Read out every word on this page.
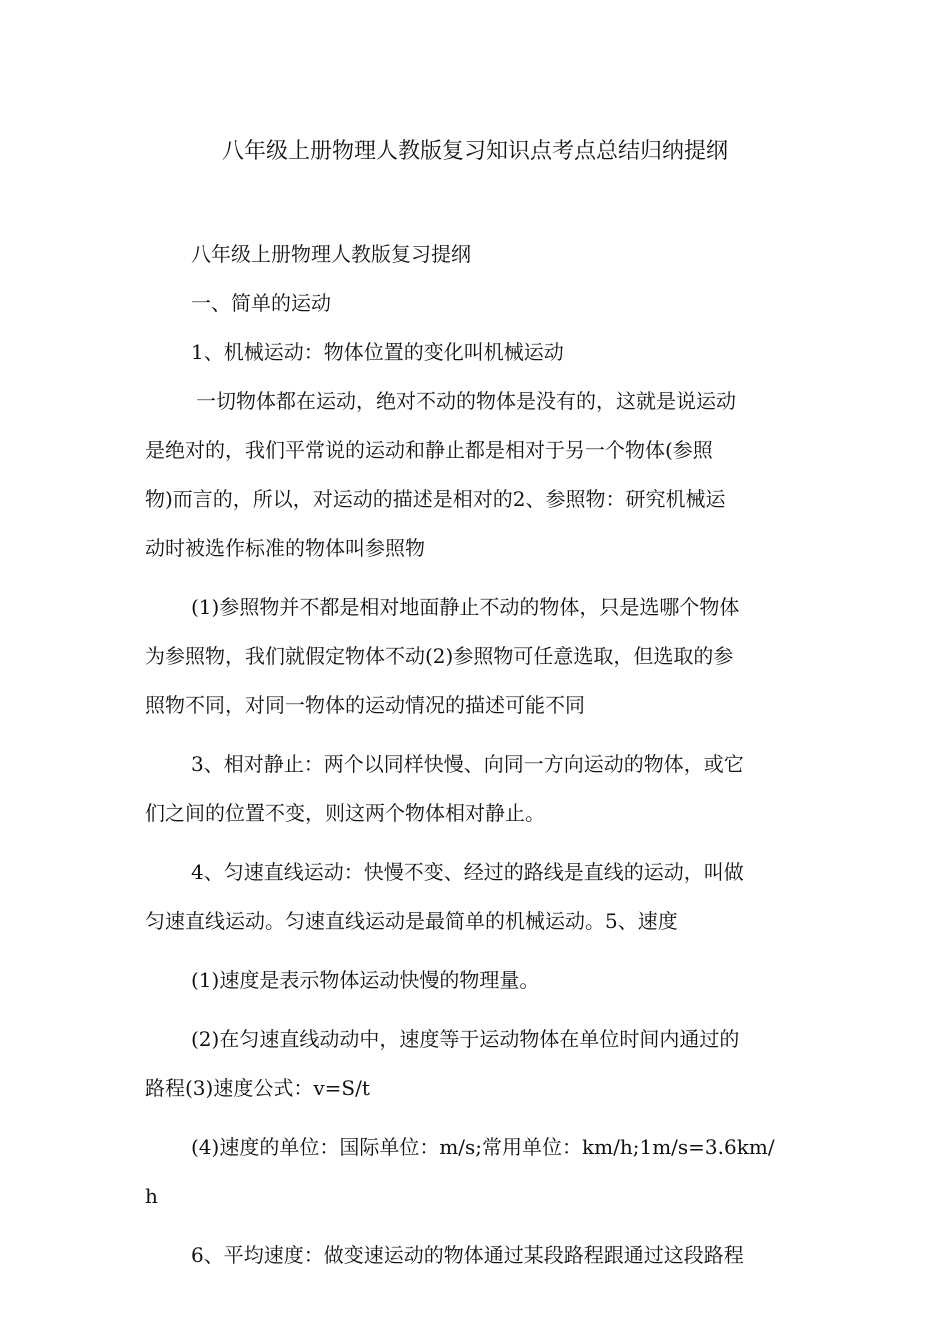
八年级上册物理人教版复习知识点考点总结归纳提纲
八年级上册物理人教版复习提纲
一、简单的运动
1、机械运动：物体位置的变化叫机械运动
一切物体都在运动，绝对不动的物体是没有的，这就是说运动
是绝对的，我们平常说的运动和静止都是相对于另一个物体(参照
物)而言的，所以，对运动的描述是相对的2、参照物：研究机械运
动时被选作标准的物体叫参照物
(1)参照物并不都是相对地面静止不动的物体，只是选哪个物体
为参照物，我们就假定物体不动(2)参照物可任意选取，但选取的参
照物不同，对同一物体的运动情况的描述可能不同
3、相对静止：两个以同样快慢、向同一方向运动的物体，或它
们之间的位置不变，则这两个物体相对静止。
4、匀速直线运动：快慢不变、经过的路线是直线的运动，叫做
匀速直线运动。匀速直线运动是最简单的机械运动。5、速度
(1)速度是表示物体运动快慢的物理量。
(2)在匀速直线动动中，速度等于运动物体在单位时间内通过的
路程(3)速度公式：v=S/t
(4)速度的单位：国际单位：m/s;常用单位：km/h;1m/s=3.6km/
h
6、平均速度：做变速运动的物体通过某段路程跟通过这段路程
